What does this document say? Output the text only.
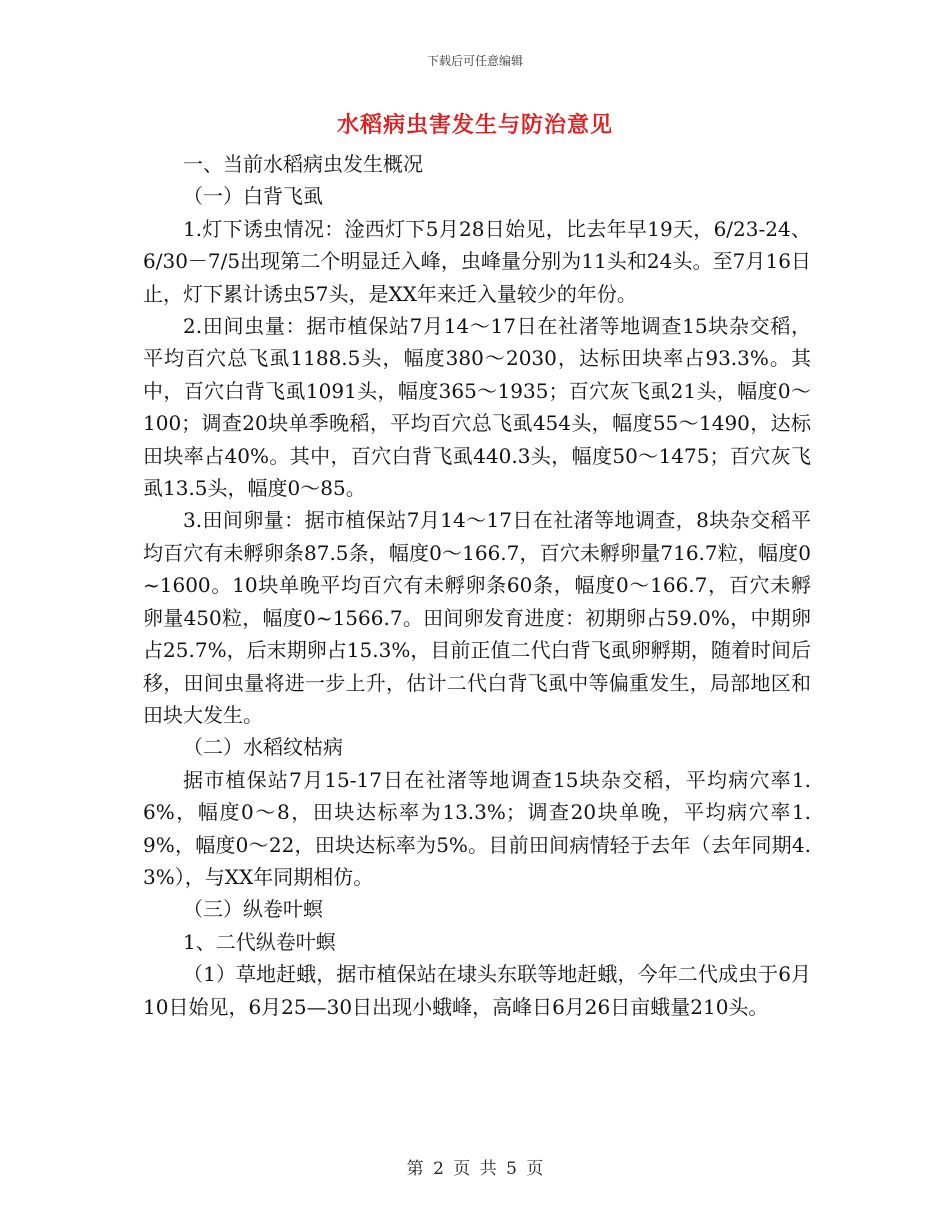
下载后可任意编辑
水稻病虫害发生与防治意见

一、当前水稻病虫发生概况

（一）白背飞虱

1.灯下诱虫情况：淦西灯下5月28日始见，比去年早19天，6/23-24、6/30－7/5出现第二个明显迁入峰，虫峰量分别为11头和24头。至7月16日止，灯下累计诱虫57头，是XX年来迁入量较少的年份。

2.田间虫量：据市植保站7月14～17日在社渚等地调查15块杂交稻，平均百穴总飞虱1188.5头，幅度380～2030，达标田块率占93.3%。其中，百穴白背飞虱1091头，幅度365～1935；百穴灰飞虱21头，幅度0～100；调查20块单季晚稻，平均百穴总飞虱454头，幅度55～1490，达标田块率占40%。其中，百穴白背飞虱440.3头，幅度50～1475；百穴灰飞虱13.5头，幅度0～85。

3.田间卵量：据市植保站7月14～17日在社渚等地调查，8块杂交稻平均百穴有未孵卵条87.5条，幅度0～166.7，百穴未孵卵量716.7粒，幅度0~1600。10块单晚平均百穴有未孵卵条60条，幅度0～166.7，百穴未孵卵量450粒，幅度0~1566.7。田间卵发育进度：初期卵占59.0%，中期卵占25.7%，后末期卵占15.3%，目前正值二代白背飞虱卵孵期，随着时间后移，田间虫量将进一步上升，估计二代白背飞虱中等偏重发生，局部地区和田块大发生。

（二）水稻纹枯病

据市植保站7月15-17日在社渚等地调查15块杂交稻，平均病穴率1.6%，幅度0～8，田块达标率为13.3%；调查20块单晚，平均病穴率1.9%，幅度0～22，田块达标率为5%。目前田间病情轻于去年（去年同期4.3%），与XX年同期相仿。

（三）纵卷叶螟

1、二代纵卷叶螟

（1）草地赶蛾，据市植保站在埭头东联等地赶蛾，今年二代成虫于6月10日始见，6月25—30日出现小蛾峰，高峰日6月26日亩蛾量210头。

第 2 页 共 5 页
